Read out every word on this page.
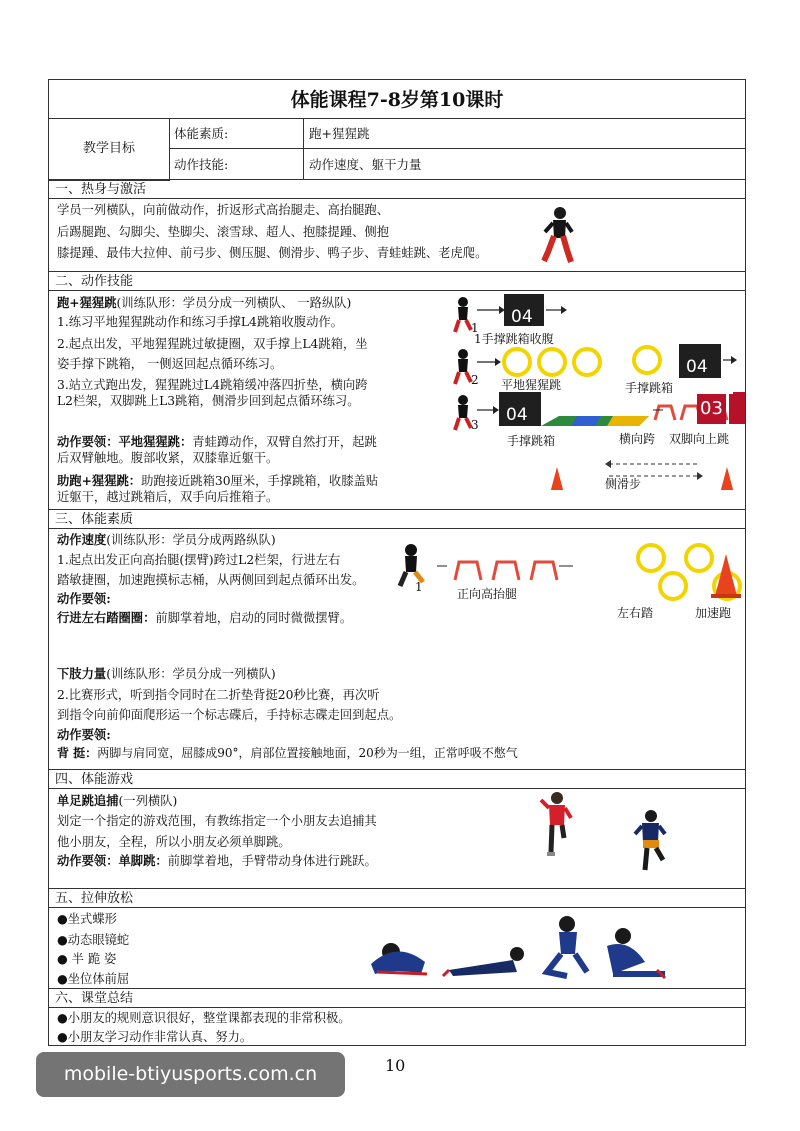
体能课程7-8岁第10课时
教学目标
体能素质:	跑+猩猩跳
动作技能:	动作速度、躯干力量
一、热身与激活
学员一列横队，向前做动作，折返形式高抬腿走、高抬腿跑、
后踢腿跑、勾脚尖、垫脚尖、滚雪球、超人、抱膝提踵、侧抱
膝提踵、最伟大拉伸、前弓步、侧压腿、侧滑步、鸭子步、青蛙蛙跳、老虎爬。
二、动作技能
跑+猩猩跳(训练队形：学员分成一列横队、 一路纵队)
1.练习平地猩猩跳动作和练习手撑L4跳箱收腹动作。
2.起点出发，平地猩猩跳过敏捷圈，双手撑上L4跳箱，坐
姿手撑下跳箱， 一侧返回起点循环练习。
3.站立式跑出发，猩猩跳过L4跳箱缓冲落四折垫，横向跨
L2栏架，双脚跳上L3跳箱，侧滑步回到起点循环练习。
动作要领：平地猩猩跳：青蛙蹲动作，双臂自然打开，起跳
后双臂触地。腹部收紧，双膝靠近躯干。
助跑+猩猩跳：助跑接近跳箱30厘米，手撑跳箱，收膝盖贴
近躯干，越过跳箱后，双手向后推箱子。
04
04
04	03
1
2
3
1手撑跳箱收腹
平地猩猩跳	手撑跳箱
手撑跳箱	横向跨 双脚向上跳
侧滑步
三、体能素质
动作速度(训练队形：学员分成两路纵队)
1.起点出发正向高抬腿(摆臂)跨过L2栏架，行进左右
踏敏捷圈，加速跑摸标志桶，从两侧回到起点循环出发。
动作要领:
行进左右踏圈圈：前脚掌着地，启动的同时微微摆臂。
1	正向高抬腿
左右踏	加速跑
下肢力量(训练队形：学员分成一列横队)
2.比赛形式，听到指令同时在二折垫背挺20秒比赛，再次听
到指令向前仰面爬形运一个标志碟后，手持标志碟走回到起点。
动作要领:
背 挺：两脚与肩同宽，屈膝成90°，肩部位置接触地面，20秒为一组，正常呼吸不憋气
四、体能游戏
单足跳追捕(一列横队)
划定一个指定的游戏范围，有教练指定一个小朋友去追捕其
他小朋友，全程，所以小朋友必须单脚跳。
动作要领：单脚跳：前脚掌着地，手臂带动身体进行跳跃。
五、拉伸放松
●坐式蝶形
●动态眼镜蛇
● 半 跪 姿
●坐位体前屈
六、课堂总结
●小朋友的规则意识很好，整堂课都表现的非常积极。
●小朋友学习动作非常认真、努力。
10
mobile-btiyusports.com.cn
